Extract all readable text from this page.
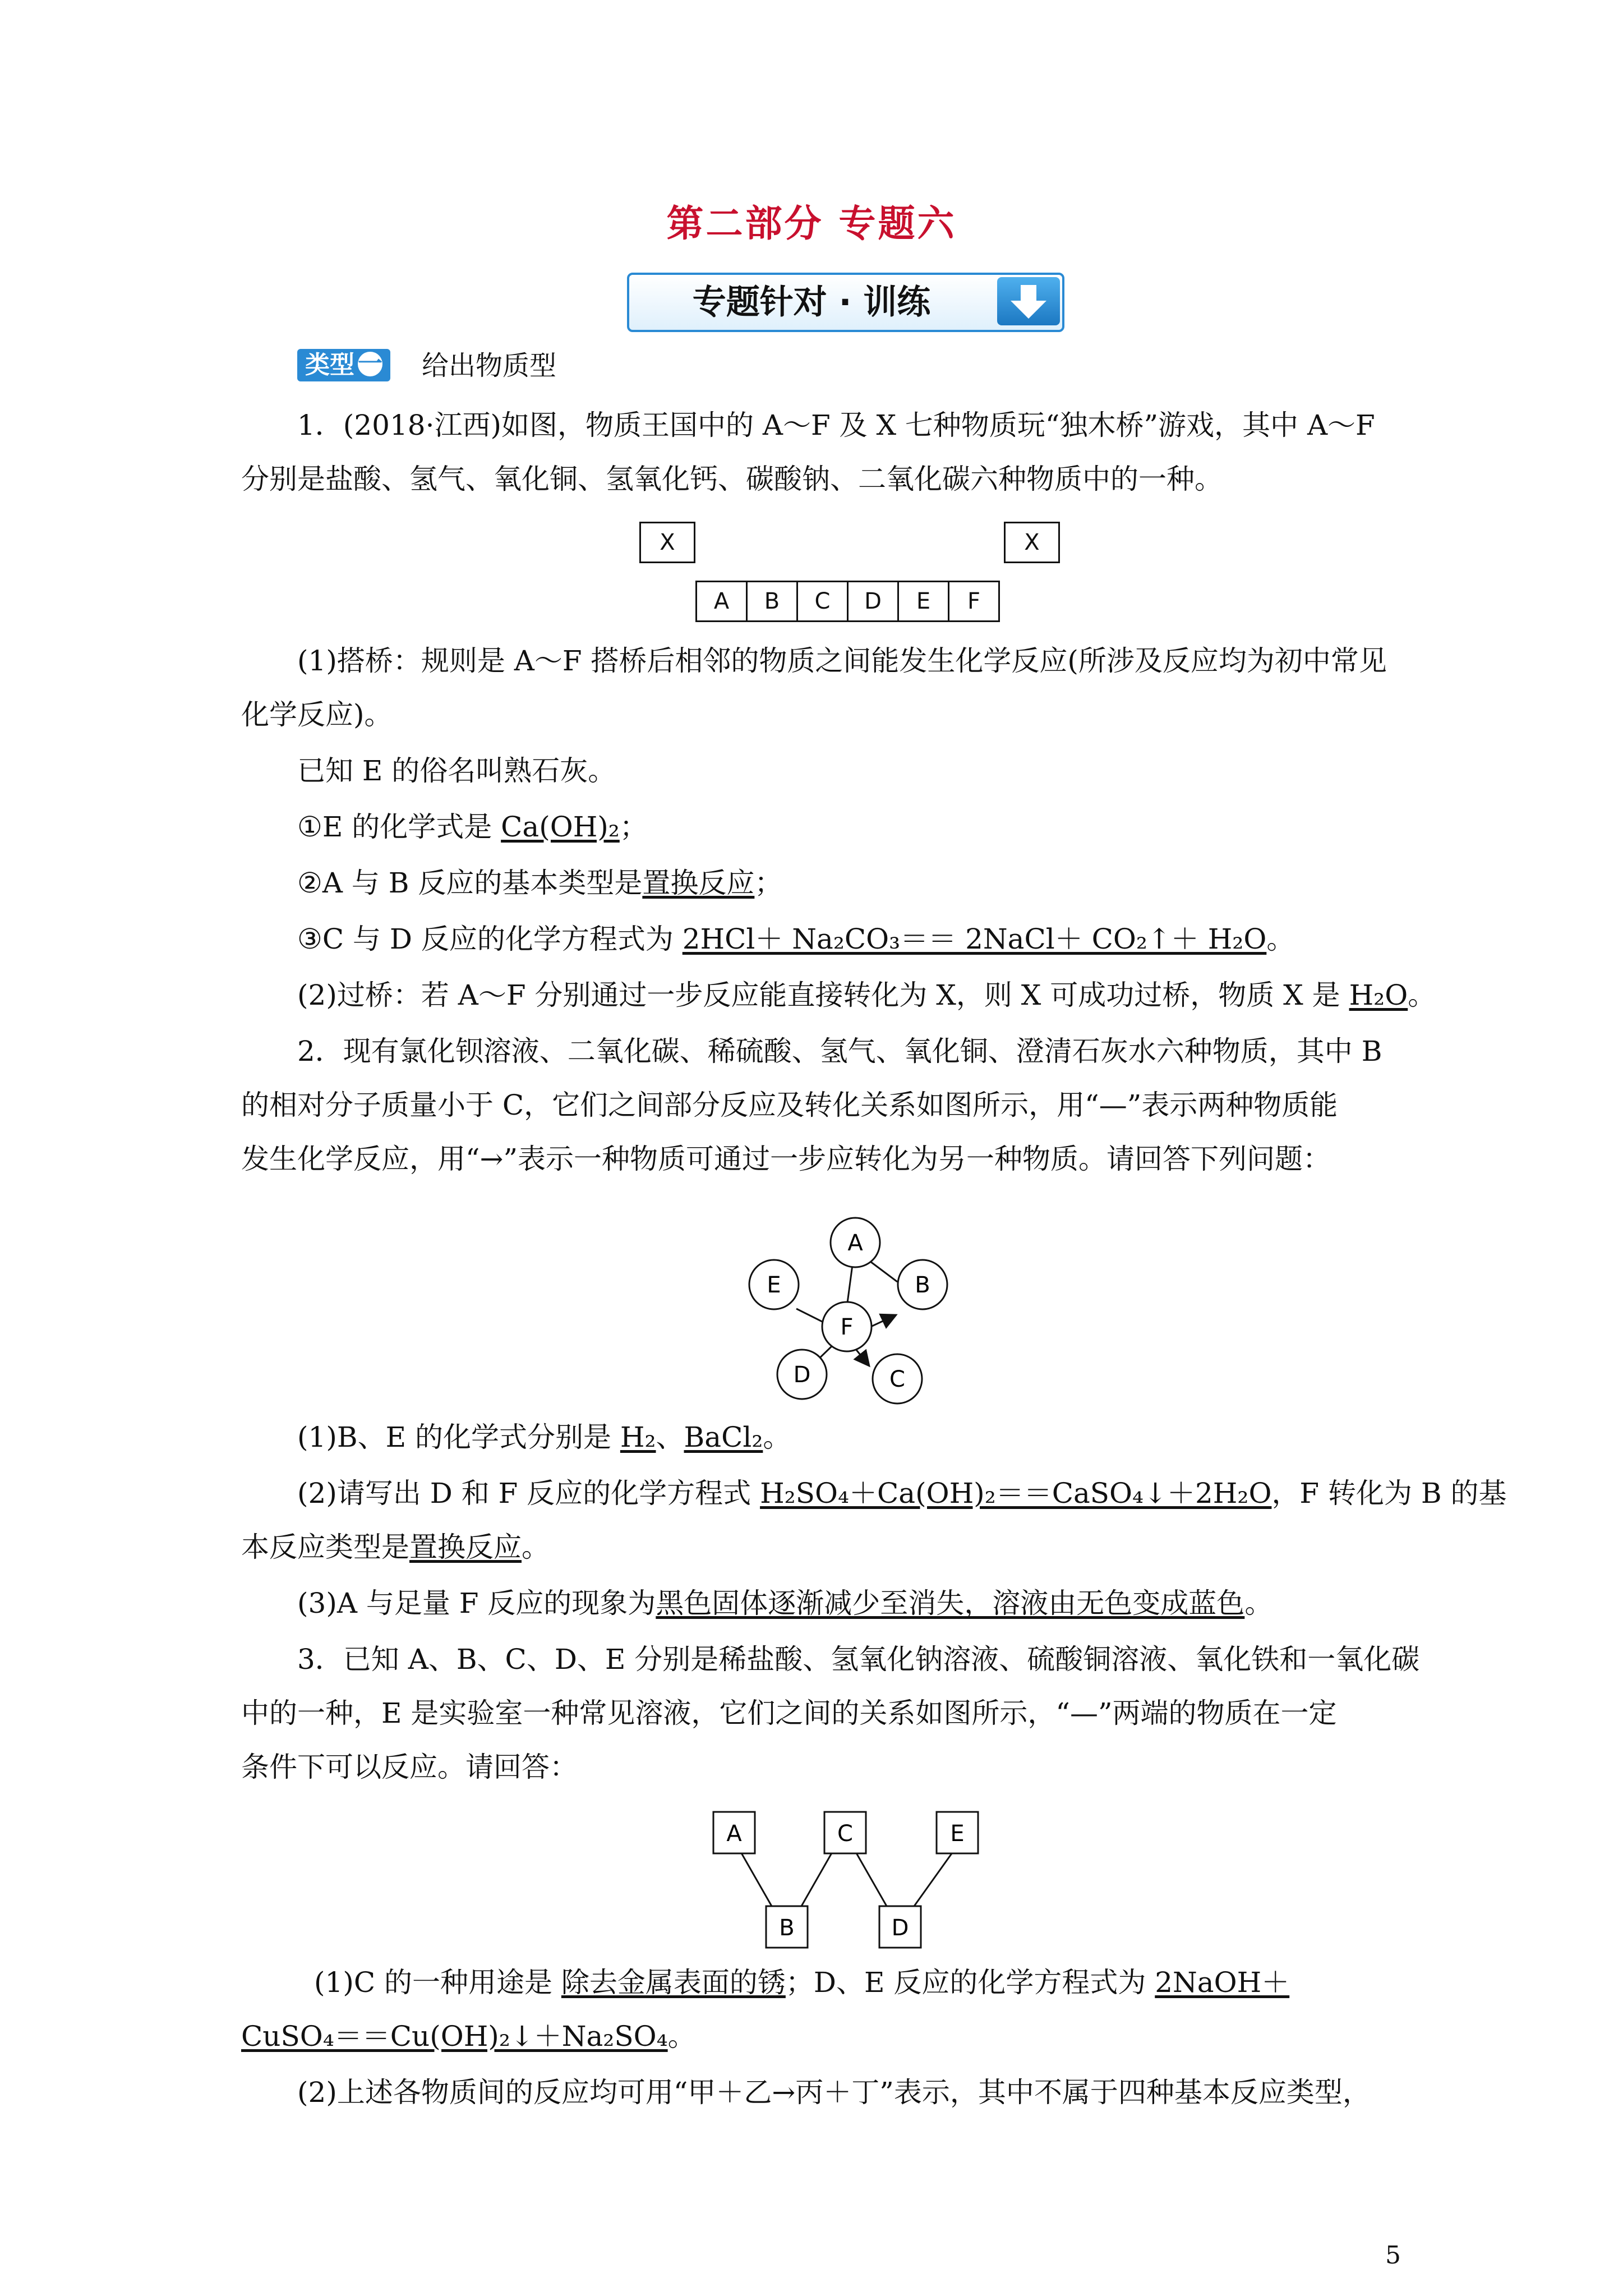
第二部分 专题六
专题针对 · 训练
类型 一 给出物质型
1．(2018·江西)如图，物质王国中的 A～F 及 X 七种物质玩“独木桥”游戏，其中 A～F
分别是盐酸、氢气、氧化铜、氢氧化钙、碳酸钠、二氧化碳六种物质中的一种。
X	X
A	B	C	D	E	F
(1)搭桥：规则是 A～F 搭桥后相邻的物质之间能发生化学反应(所涉及反应均为初中常见
化学反应)。
已知 E 的俗名叫熟石灰。
①E 的化学式是 Ca(OH)₂；
②A 与 B 反应的基本类型是置换反应；
③C 与 D 反应的化学方程式为 2HCl＋ Na₂CO₃＝＝ 2NaCl＋ CO₂↑＋ H₂O。
(2)过桥：若 A～F 分别通过一步反应能直接转化为 X，则 X 可成功过桥，物质 X 是 H₂O。
2．现有氯化钡溶液、二氧化碳、稀硫酸、氢气、氧化铜、澄清石灰水六种物质，其中 B
的相对分子质量小于 C，它们之间部分反应及转化关系如图所示，用“—”表示两种物质能
发生化学反应，用“→”表示一种物质可通过一步应转化为另一种物质。请回答下列问题：
A
B
E
F
D	C
(1)B、E 的化学式分别是 H₂、BaCl₂。
(2)请写出 D 和 F 反应的化学方程式 H₂SO₄＋Ca(OH)₂＝＝CaSO₄↓＋2H₂O，F 转化为 B 的基
本反应类型是置换反应。
(3)A 与足量 F 反应的现象为黑色固体逐渐减少至消失，溶液由无色变成蓝色。
3．已知 A、B、C、D、E 分别是稀盐酸、氢氧化钠溶液、硫酸铜溶液、氧化铁和一氧化碳
中的一种，E 是实验室一种常见溶液，它们之间的关系如图所示，“—”两端的物质在一定
条件下可以反应。请回答：
A	C	E
B	D
(1)C 的一种用途是 除去金属表面的锈；D、E 反应的化学方程式为 2NaOH＋
CuSO₄＝＝Cu(OH)₂↓＋Na₂SO₄。
(2)上述各物质间的反应均可用“甲＋乙→丙＋丁”表示，其中不属于四种基本反应类型，
5
